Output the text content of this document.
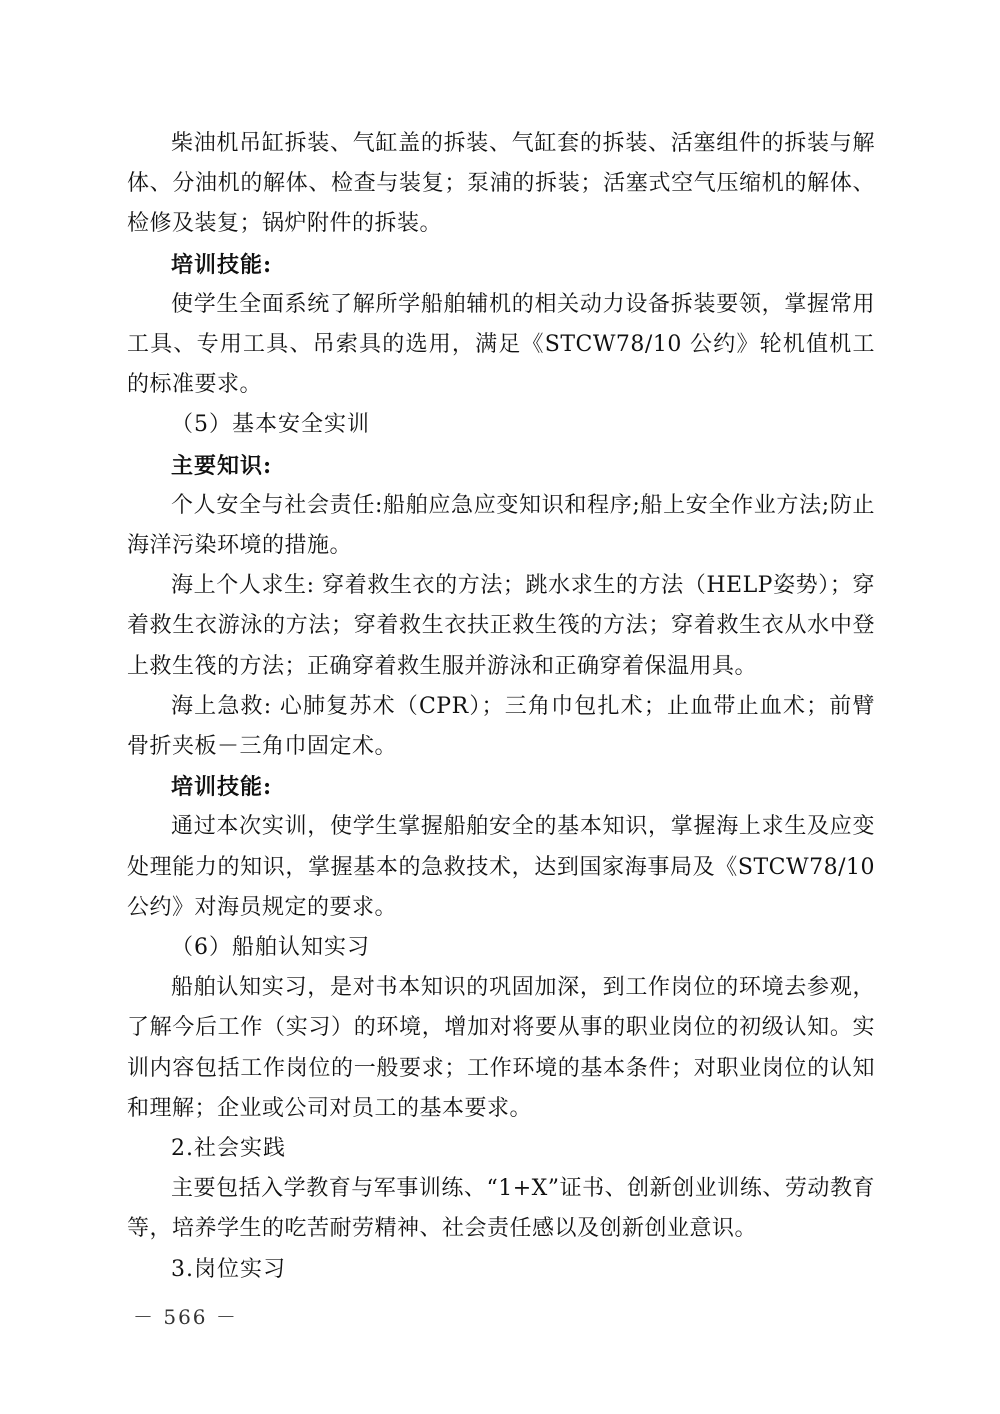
柴油机吊缸拆装、气缸盖的拆装、气缸套的拆装、活塞组件的拆装与解体、分油机的解体、检查与装复；泵浦的拆装；活塞式空气压缩机的解体、检修及装复；锅炉附件的拆装。

培训技能:

使学生全面系统了解所学船舶辅机的相关动力设备拆装要领，掌握常用工具、专用工具、吊索具的选用，满足《STCW78/10 公约》轮机值机工的标准要求。

（5）基本安全实训

主要知识:

个人安全与社会责任:船舶应急应变知识和程序;船上安全作业方法;防止海洋污染环境的措施。

海上个人求生: 穿着救生衣的方法；跳水求生的方法（HELP姿势）；穿着救生衣游泳的方法；穿着救生衣扶正救生筏的方法；穿着救生衣从水中登上救生筏的方法；正确穿着救生服并游泳和正确穿着保温用具。

海上急救: 心肺复苏术（CPR）；三角巾包扎术；止血带止血术；前臂骨折夹板－三角巾固定术。

培训技能:

通过本次实训，使学生掌握船舶安全的基本知识，掌握海上求生及应变处理能力的知识，掌握基本的急救技术，达到国家海事局及《STCW78/10公约》对海员规定的要求。

（6）船舶认知实习

船舶认知实习，是对书本知识的巩固加深，到工作岗位的环境去参观，了解今后工作（实习）的环境，增加对将要从事的职业岗位的初级认知。实训内容包括工作岗位的一般要求；工作环境的基本条件；对职业岗位的认知和理解；企业或公司对员工的基本要求。

2.社会实践

主要包括入学教育与军事训练、“1+X”证书、创新创业训练、劳动教育等，培养学生的吃苦耐劳精神、社会责任感以及创新创业意识。

3.岗位实习

－ 566 －
